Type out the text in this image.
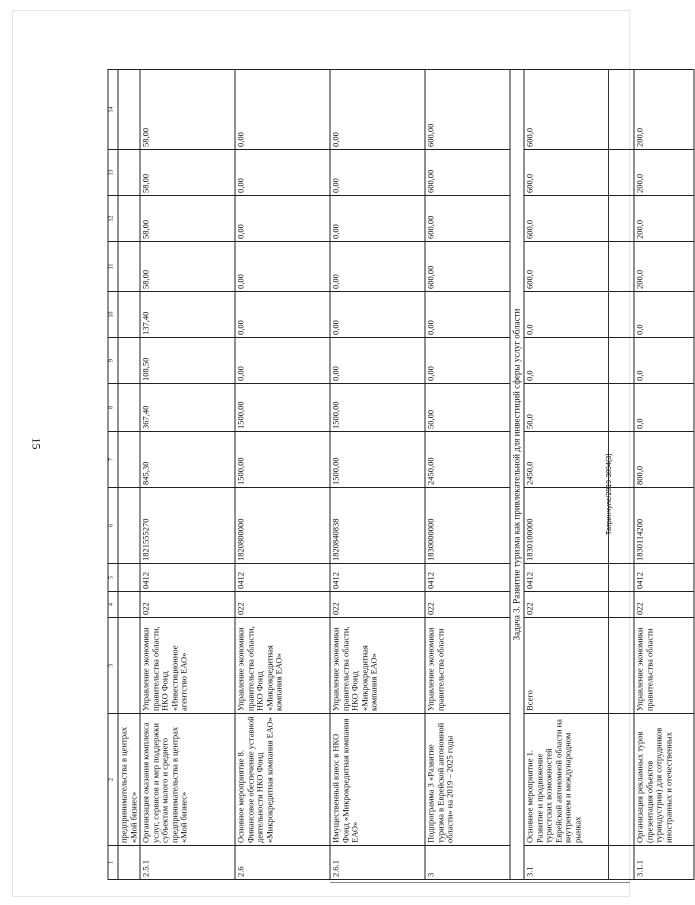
15
Татринчуле/2019-3894(3)
1	2	3	4	5	6	7	8	9	10	11	12	13	14
	предпринимательства в центрах «Мой бизнес»												
2.5.1	Организация оказания комплекса услуг, сервисов и мер поддержки субъектам малого и среднего предпринимательства в центрах «Мой бизнес»	Управление экономики правительства области, НКО Фонд «Инвестиционное агентство ЕАО»	022	0412	1821555270	845,30	367,40	108,50	137,40	58,00	58,00	58,00	58,00
2.6	Основное мероприятие 8. Финансовое обеспечение уставной деятельности НКО Фонд «Микрокредитная компания ЕАО»	Управление экономики правительства области, НКО Фонд «Микрокредитная компания ЕАО»	022	0412	1820800000	1500,00	1500,00	0,00	0,00	0,00	0,00	0,00	0,00
2.6.1	Имущественный взнос в НКО Фонд «Микрокредитная компания ЕАО»	Управление экономики правительства области, НКО Фонд «Микрокредитная компания ЕАО»	022	0412	1820840838	1500,00	1500,00	0,00	0,00	0,00	0,00	0,00	0,00
3	Подпрограмма 3 «Развитие туризма в Еврейской автономной области» на 2019 – 2025 годы	Управление экономики правительства области	022	0412	1830000000	2450,00	50,00	0,00	0,00	600,00	600,00	600,00	600,00
Задача 3. Развитие туризма как привлекательной для инвестиций сферы услуг области													
3.1	Основное мероприятие 1. Развитие и продвижение туристских возможностей Еврейской автономной области на внутреннем и международном рынках	Всего	022	0412	1830100000	2450,0	50,0	0,0	0,0	600,0	600,0	600,0	600,0
3.1.1	Организация рекламных туров (презентация объектов туриндустрии) для сотрудников иностранных и отечественных	Управление экономики правительства области	022	0412	1830114200	800,0	0,0	0,0	0,0	200,0	200,0	200,0	200,0
